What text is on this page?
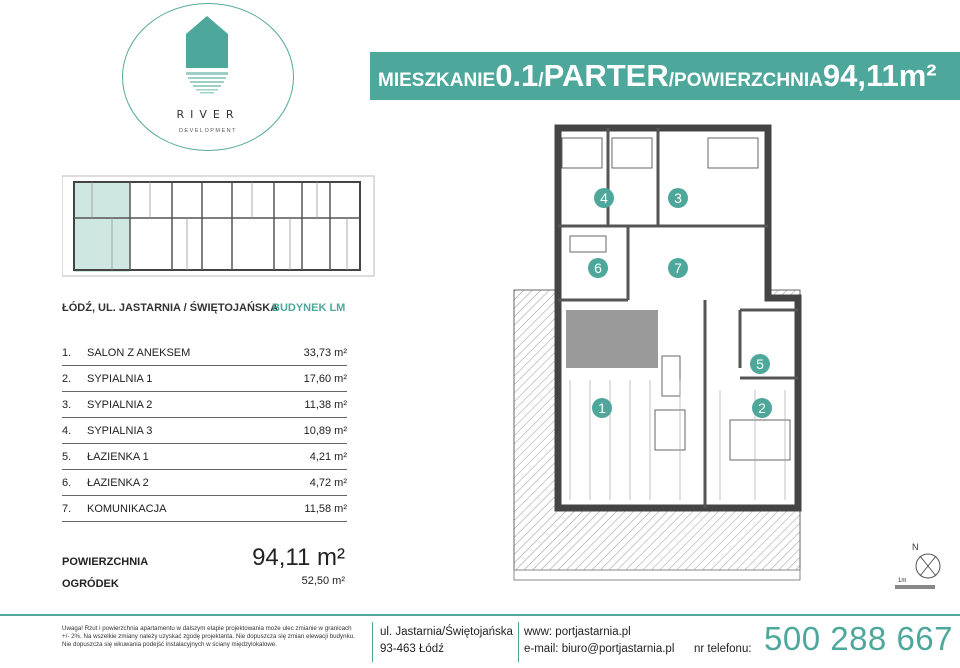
RIVER
DEVELOPMENT
MIESZKANIE 0.1 / PARTER / POWIERZCHNIA 94,11m²
ŁÓDŹ, UL. JASTARNIA / ŚWIĘTOJAŃSKA
BUDYNEK LM
1.	SALON Z ANEKSEM	33,73 m²
2.	SYPIALNIA 1	17,60 m²
3.	SYPIALNIA 2	11,38 m²
4.	SYPIALNIA 3	10,89 m²
5.	ŁAZIENKA 1	4,21 m²
6.	ŁAZIENKA 2	4,72 m²
7.	KOMUNIKACJA	11,58 m²
POWIERZCHNIA	94,11 m²
OGRÓDEK	52,50 m²
4	3
6	7
5
1	2
N
1m
Uwaga! Rzut i powierzchnia apartamentu w dalszym etapie projektowania może ulec zmianie w granicach +/- 2%. Na wszelkie zmiany należy uzyskać zgodę projektanta. Nie dopuszcza się zmian elewacji budynku. Nie dopuszcza się wkuwania podejść instalacyjnych w ściany międzylokalowe.
ul. Jastarnia/Świętojańska
93-463 Łódź
www: portjastarnia.pl
e-mail: biuro@portjastarnia.pl nr telefonu: 500 288 667
